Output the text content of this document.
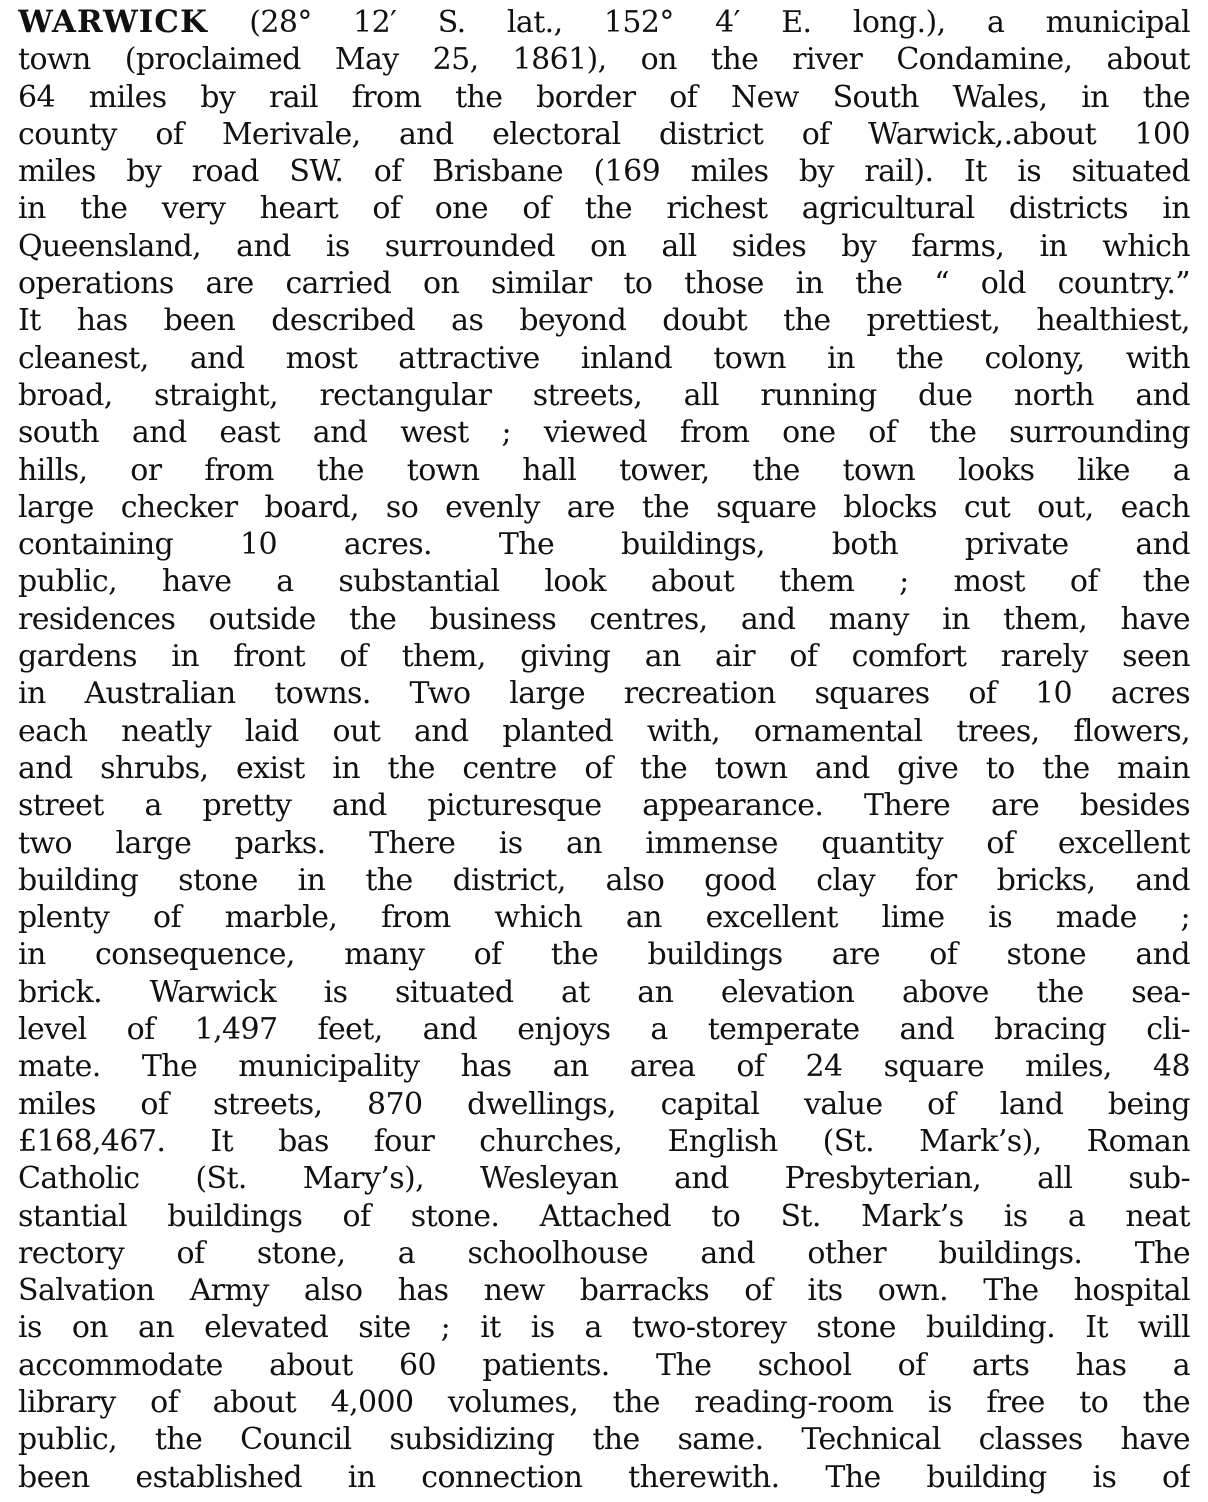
WARWICK (28° 12′ S. lat., 152° 4′ E. long.), a municipal
town (proclaimed May 25, 1861), on the river Condamine, about
64 miles by rail from the border of New South Wales, in the
county of Merivale, and electoral district of Warwick,.about 100
miles by road SW. of Brisbane (169 miles by rail). It is situated
in the very heart of one of the richest agricultural districts in
Queensland, and is surrounded on all sides by farms, in which
operations are carried on similar to those in the “ old country.”
It has been described as beyond doubt the prettiest, healthiest,
cleanest, and most attractive inland town in the colony, with
broad, straight, rectangular streets, all running due north and
south and east and west ; viewed from one of the surrounding
hills, or from the town hall tower, the town looks like a
large checker board, so evenly are the square blocks cut out, each
containing 10 acres. The buildings, both private and
public, have a substantial look about them ; most of the
residences outside the business centres, and many in them, have
gardens in front of them, giving an air of comfort rarely seen
in Australian towns. Two large recreation squares of 10 acres
each neatly laid out and planted with, ornamental trees, flowers,
and shrubs, exist in the centre of the town and give to the main
street a pretty and picturesque appearance. There are besides
two large parks. There is an immense quantity of excellent
building stone in the district, also good clay for bricks, and
plenty of marble, from which an excellent lime is made ;
in consequence, many of the buildings are of stone and
brick. Warwick is situated at an elevation above the sea-
level of 1,497 feet, and enjoys a temperate and bracing cli-
mate. The municipality has an area of 24 square miles, 48
miles of streets, 870 dwellings, capital value of land being
£168,467. It bas four churches, English (St. Mark’s), Roman
Catholic (St. Mary’s), Wesleyan and Presbyterian, all sub-
stantial buildings of stone. Attached to St. Mark’s is a neat
rectory of stone, a schoolhouse and other buildings. The
Salvation Army also has new barracks of its own. The hospital
is on an elevated site ; it is a two-storey stone building. It will
accommodate about 60 patients. The school of arts has a
library of about 4,000 volumes, the reading-room is free to the
public, the Council subsidizing the same. Technical classes have
been established in connection therewith. The building is of
